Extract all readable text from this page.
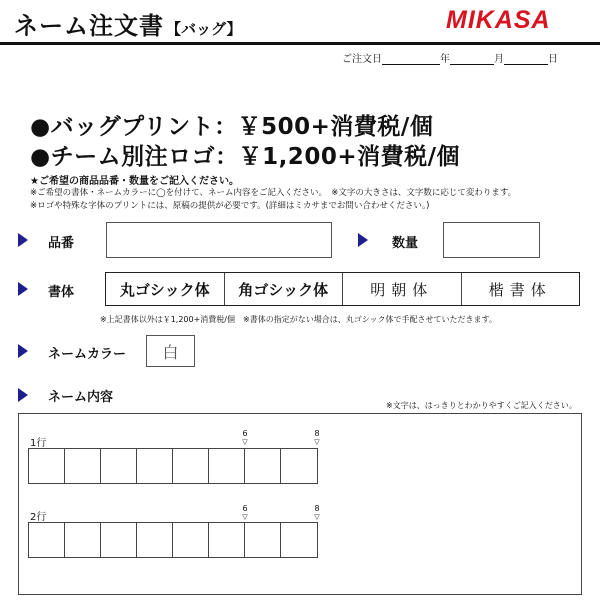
ネーム注文書 【バッグ】	MIKASA
ご注文日	年	月	日
●バッグプリント：￥500+消費税/個
●チーム別注ロゴ：￥1,200+消費税/個
★ご希望の商品品番・数量をご記入ください。
※ご希望の書体・ネームカラーに◯を付けて、ネーム内容をご記入ください。　※文字の大きさは、文字数に応じて変わります。
※ロゴや特殊な字体のプリントには、原稿の提供が必要です。(詳細はミカサまでお問い合わせください。)
品番	数量
書体	丸ゴシック体	角ゴシック体	明朝体	楷書体
※上記書体以外は￥1,200+消費税/個　※書体の指定がない場合は、丸ゴシック体で手配させていただきます。
ネームカラー	白
ネーム内容
※文字は、はっきりとわかりやすくご記入ください。
1行
6
▽
8
▽
2行
6
▽
8
▽
